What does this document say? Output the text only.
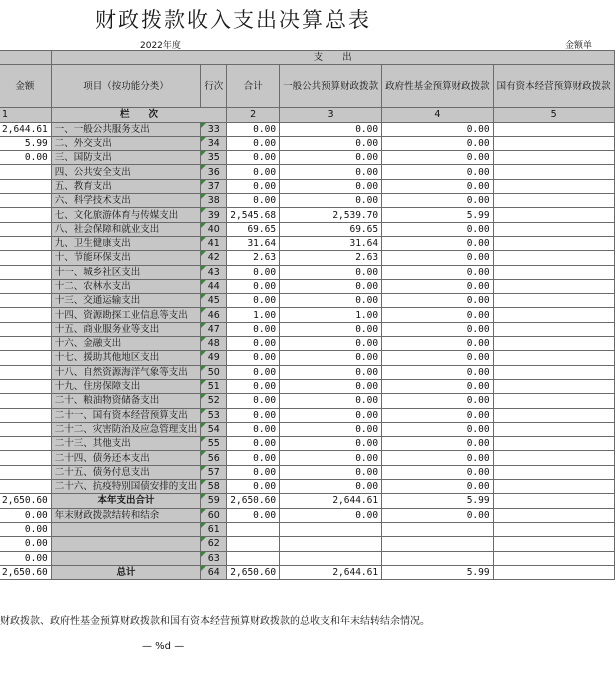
财政拨款收入支出决算总表
2022年度	金额单
	支　　出					
金额	项目（按功能分类）	行次	合计	一般公共预算财政拨款	政府性基金预算财政拨款	国有资本经营预算财政拨款
1	栏　　次		2	3	4	5
2,644.61	一、一般公共服务支出	33	0.00	0.00	0.00	
5.99	二、外交支出	34	0.00	0.00	0.00	
0.00	三、国防支出	35	0.00	0.00	0.00	
	四、公共安全支出	36	0.00	0.00	0.00	
	五、教育支出	37	0.00	0.00	0.00	
	六、科学技术支出	38	0.00	0.00	0.00	
	七、文化旅游体育与传媒支出	39	2,545.68	2,539.70	5.99	
	八、社会保障和就业支出	40	69.65	69.65	0.00	
	九、卫生健康支出	41	31.64	31.64	0.00	
	十、节能环保支出	42	2.63	2.63	0.00	
	十一、城乡社区支出	43	0.00	0.00	0.00	
	十二、农林水支出	44	0.00	0.00	0.00	
	十三、交通运输支出	45	0.00	0.00	0.00	
	十四、资源勘探工业信息等支出	46	1.00	1.00	0.00	
	十五、商业服务业等支出	47	0.00	0.00	0.00	
	十六、金融支出	48	0.00	0.00	0.00	
	十七、援助其他地区支出	49	0.00	0.00	0.00	
	十八、自然资源海洋气象等支出	50	0.00	0.00	0.00	
	十九、住房保障支出	51	0.00	0.00	0.00	
	二十、粮油物资储备支出	52	0.00	0.00	0.00	
	二十一、国有资本经营预算支出	53	0.00	0.00	0.00	
	二十二、灾害防治及应急管理支出	54	0.00	0.00	0.00	
	二十三、其他支出	55	0.00	0.00	0.00	
	二十四、债务还本支出	56	0.00	0.00	0.00	
	二十五、债务付息支出	57	0.00	0.00	0.00	
	二十六、抗疫特别国债安排的支出	58	0.00	0.00	0.00	
2,650.60	本年支出合计	59	2,650.60	2,644.61	5.99	
0.00	年末财政拨款结转和结余	60	0.00	0.00	0.00	
0.00		61				
0.00		62				
0.00		63				
2,650.60	总计	64	2,650.60	2,644.61	5.99	
财政拨款、政府性基金预算财政拨款和国有资本经营预算财政拨款的总收支和年末结转结余情况。
— %d —
